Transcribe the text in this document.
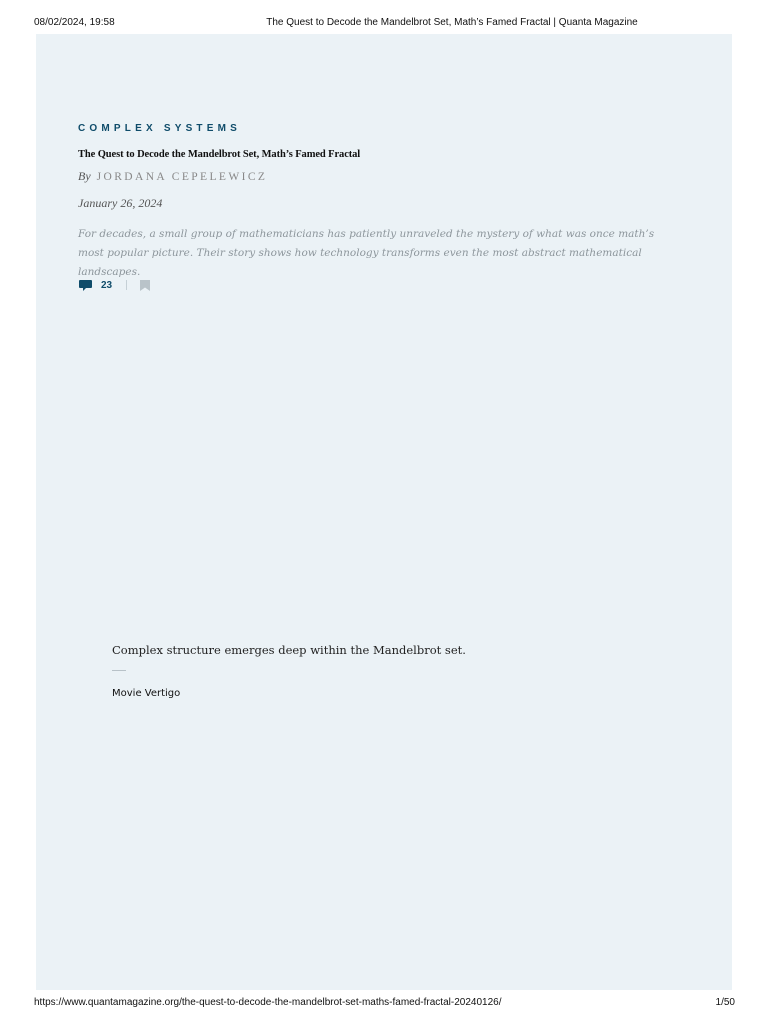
08/02/2024, 19:58	The Quest to Decode the Mandelbrot Set, Math’s Famed Fractal | Quanta Magazine
COMPLEX SYSTEMS
The Quest to Decode the Mandelbrot Set, Math’s Famed Fractal
By JORDANA CEPELEWICZ
January 26, 2024

For decades, a small group of mathematicians has patiently unraveled the mystery of what was once math’s most popular picture. Their story shows how technology transforms even the most abstract mathematical landscapes.

23
Complex structure emerges deep within the Mandelbrot set.
Movie Vertigo
https://www.quantamagazine.org/the-quest-to-decode-the-mandelbrot-set-maths-famed-fractal-20240126/	1/50
